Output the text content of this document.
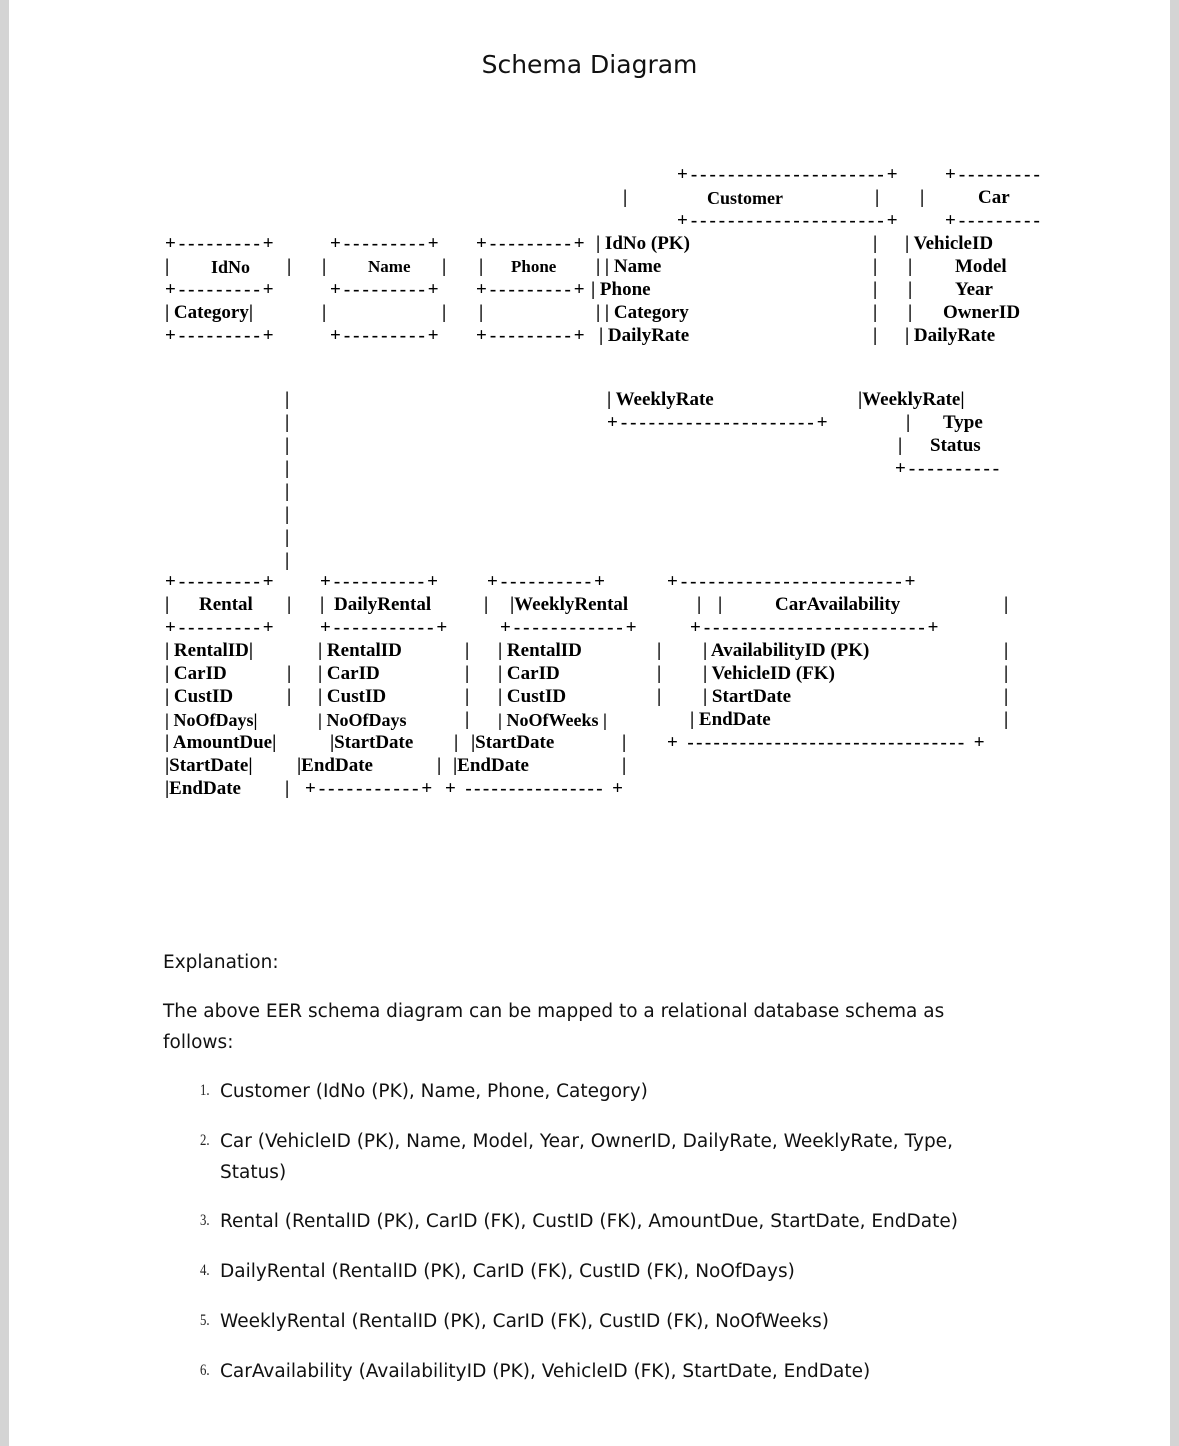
Schema Diagram
+---------------------+ +---------
|	Customer	| |	Car
+---------------------+ +---------
+---------+	+---------+ +---------+ | IdNo (PK)	| | VehicleID
| IdNo | | Name | | Phone | | Name	| | Model
+---------+	+---------+ +---------+ | Phone	| | Year
| Category|	|	| |	| | Category	| | OwnerID
+---------+	+---------+ +---------+ | DailyRate	| | DailyRate
| WeeklyRate	|WeeklyRate|
+---------------------+	| Type
| Status
+----------
|
|
|
|
|
|
|
|
+---------+ +----------+ +----------+	+------------------------+
| Rental | | DailyRental	| |WeeklyRental	| |	CarAvailability	|
+---------+ +-----------+	+------------+	+------------------------+
| RentalID|	| RentalID	| | RentalID	| | AvailabilityID (PK)	|
| CarID	| | CarID	| | CarID	| | VehicleID (FK)	|
| CustID	| | CustID	| | CustID	| | StartDate	|
| NoOfDays|	| NoOfDays	| | NoOfWeeks |	| EndDate	|
| AmountDue|	|StartDate | |StartDate	| + -------------------------------- +
|StartDate| |EndDate	| |EndDate	|
|EndDate | +-----------+ + ---------------- +
Explanation:
The above EER schema diagram can be mapped to a relational database schema as
follows:
1. Customer (IdNo (PK), Name, Phone, Category)
2. Car (VehicleID (PK), Name, Model, Year, OwnerID, DailyRate, WeeklyRate, Type,
Status)
3. Rental (RentalID (PK), CarID (FK), CustID (FK), AmountDue, StartDate, EndDate)
4. DailyRental (RentalID (PK), CarID (FK), CustID (FK), NoOfDays)
5. WeeklyRental (RentalID (PK), CarID (FK), CustID (FK), NoOfWeeks)
6. CarAvailability (AvailabilityID (PK), VehicleID (FK), StartDate, EndDate)
